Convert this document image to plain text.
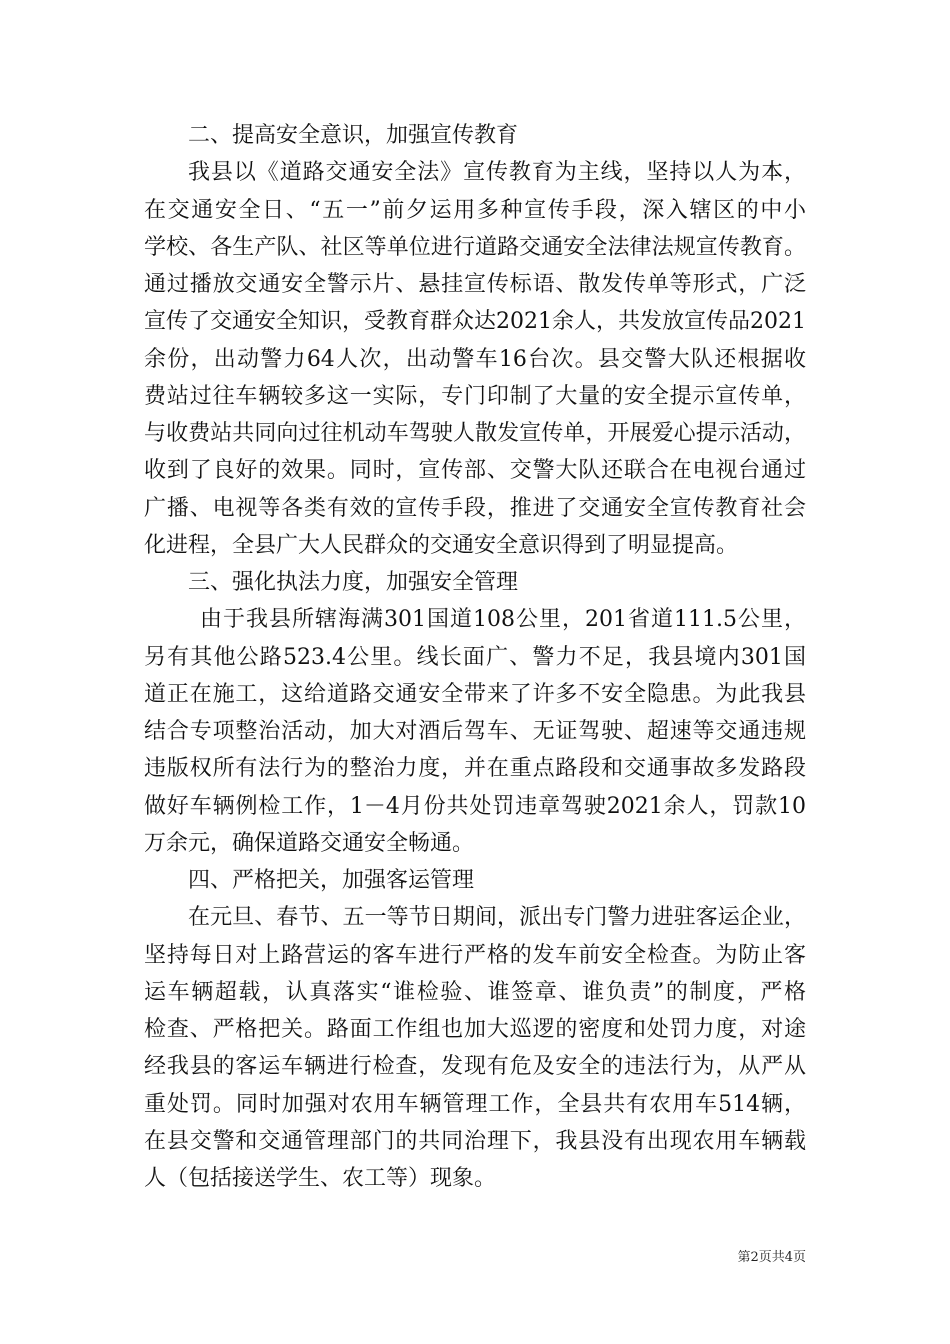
二、提高安全意识，加强宣传教育
我县以《道路交通安全法》宣传教育为主线，坚持以人为本，
在交通安全日、“五一”前夕运用多种宣传手段，深入辖区的中小
学校、各生产队、社区等单位进行道路交通安全法律法规宣传教育。
通过播放交通安全警示片、悬挂宣传标语、散发传单等形式，广泛
宣传了交通安全知识，受教育群众达2021余人，共发放宣传品2021
余份，出动警力64人次，出动警车16台次。县交警大队还根据收
费站过往车辆较多这一实际，专门印制了大量的安全提示宣传单，
与收费站共同向过往机动车驾驶人散发宣传单，开展爱心提示活动，
收到了良好的效果。同时，宣传部、交警大队还联合在电视台通过
广播、电视等各类有效的宣传手段，推进了交通安全宣传教育社会
化进程，全县广大人民群众的交通安全意识得到了明显提高。
三、强化执法力度，加强安全管理
由于我县所辖海满301国道108公里，201省道111.5公里，
另有其他公路523.4公里。线长面广、警力不足，我县境内301国
道正在施工，这给道路交通安全带来了许多不安全隐患。为此我县
结合专项整治活动，加大对酒后驾车、无证驾驶、超速等交通违规
违版权所有法行为的整治力度，并在重点路段和交通事故多发路段
做好车辆例检工作，1－4月份共处罚违章驾驶2021余人，罚款10
万余元，确保道路交通安全畅通。
四、严格把关，加强客运管理
在元旦、春节、五一等节日期间，派出专门警力进驻客运企业，
坚持每日对上路营运的客车进行严格的发车前安全检查。为防止客
运车辆超载，认真落实“谁检验、谁签章、谁负责”的制度，严格
检查、严格把关。路面工作组也加大巡逻的密度和处罚力度，对途
经我县的客运车辆进行检查，发现有危及安全的违法行为，从严从
重处罚。同时加强对农用车辆管理工作，全县共有农用车514辆，
在县交警和交通管理部门的共同治理下，我县没有出现农用车辆载
人（包括接送学生、农工等）现象。
第2页共4页
